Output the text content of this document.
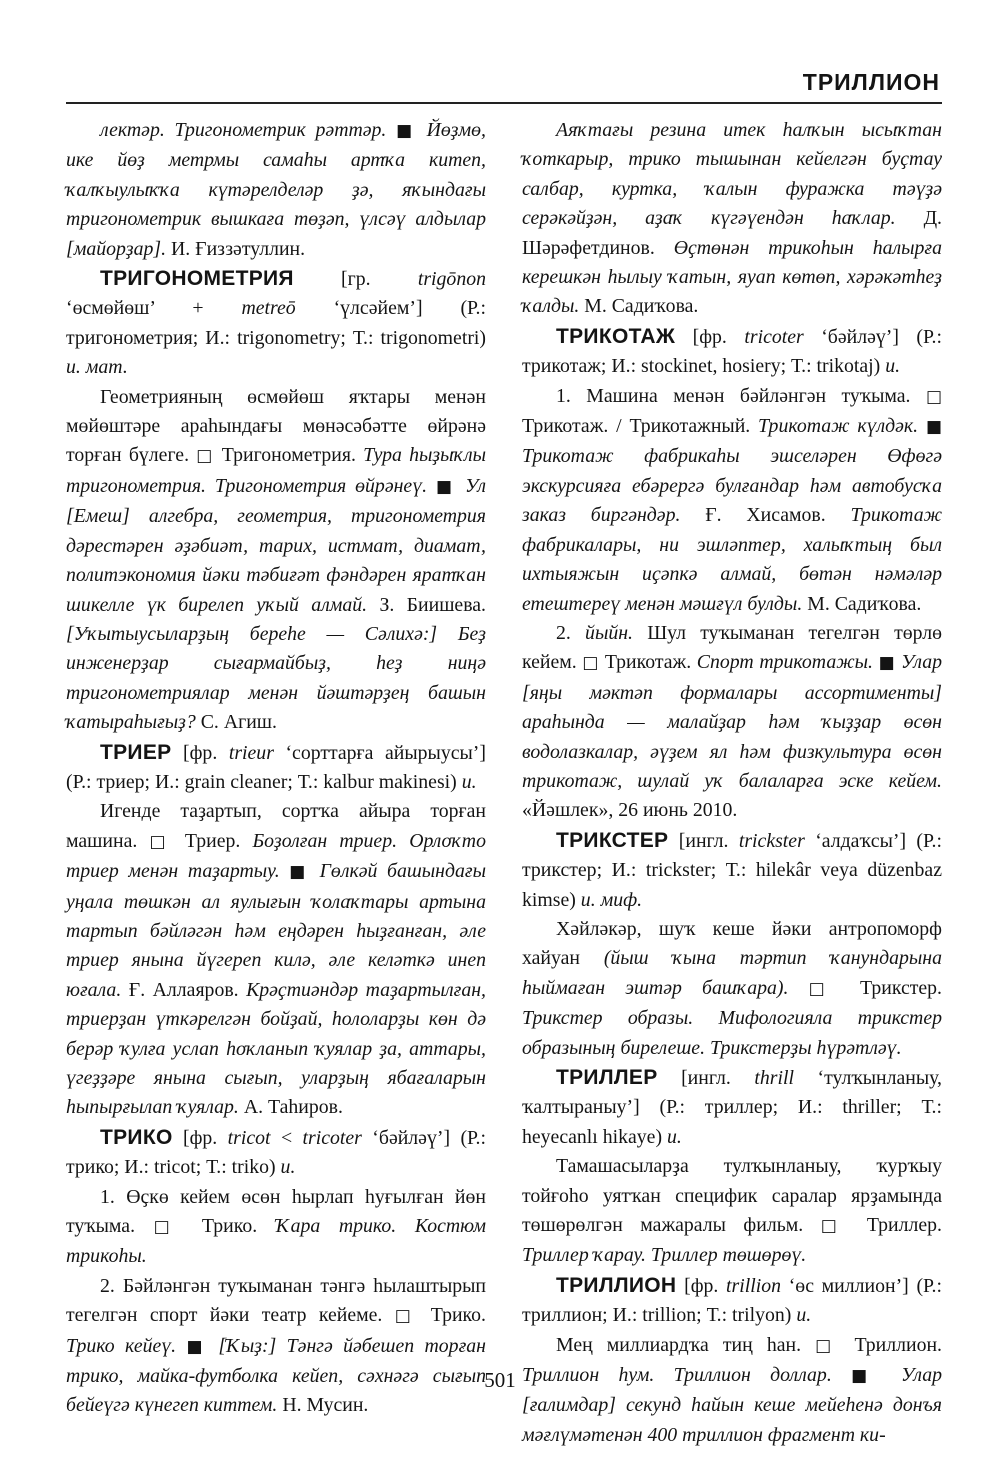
ТРИЛЛИОН

лектәр. Тригонометрик рәттәр. ■ Йөҙмө, ике йөҙ метрмы самаһы артҡа китеп, ҡалҡыулыҡҡа күтәрелделәр ҙә, яҡындағы тригонометрик вышкаға төҙәп, үлсәү алдылар [майорҙар]. И. Ғиззәтуллин.

ТРИГОНОМЕТРИЯ [гр. trigōnon ‘өсмөйөш’ + metreō ‘үлсәйем’] (Р.: тригонометрия; И.: trigonometry; Т.: trigonometri) и. мат.

Геометрияның өсмөйөш яҡтары менән мөйөштәре араһындағы мөнәсәбәтте өйрәнә торған бүлеге. □ Тригонометрия. Тура һыҙыҡлы тригонометрия. Тригонометрия өйрәнеү. ■ Ул [Емеш] алгебра, геометрия, тригонометрия дәрестәрен әҙәбиәт, тарих, истмат, диамат, политэкономия йәки тәбиғәт фәндәрен яратҡан шикелле үк бирелеп уҡый алмай. З. Биишева. [Уҡытыусыларҙың береһе — Сәлихә:] Беҙ инженерҙар сығармайбыҙ, һеҙ ниңә тригонометриялар менән йәштәрҙең башын ҡатыраһығыҙ? С. Агиш.

ТРИЕР [фр. trieur ‘сорттарға айырыусы’] (Р.: триер; И.: grain cleaner; Т.: kalbur makinesi) и.

Игенде таҙартып, сортҡа айыра торған машина. □ Триер. Боҙолған триер. Орлоҡто триер менән таҙартыу. ■ Гөлкәй башындағы уңала төшкән ал яулығын ҡолаҡтары артына тартып бәйләгән һәм еңдәрен һыҙғанған, әле триер янына йүгереп килә, әле келәткә инеп юғала. Ғ. Аллаяров. Крәҫтиәндәр таҙартылған, триерҙан үткәрелгән бойҙай, һололарҙы көн дә берәр ҡулға услап һоҡланып ҡуялар ҙа, аттары, үгеҙҙәре янына сығып, уларҙың ябағаларын һыпырғылап ҡуялар. А. Таһиров.

ТРИКО [фр. tricot < tricoter ‘бәйләү’] (Р.: трико; И.: tricot; Т.: triko) и.

1. Өҫкө кейем өсөн һырлап һуғылған йөн туҡыма. □ Трико. Ҡара трико. Костюм трикоһы.

2. Бәйләнгән туҡыманан тәнгә һылаштырып тегелгән спорт йәки театр кейеме. □ Трико. Трико кейеү. ■ [Ҡыҙ:] Тәнгә йәбешеп торған трико, майка-футболка кейеп, сәхнәгә сығып бейеүгә күнегеп киттем. Н. Мусин.

Аяҡтағы резина итек һалҡын ысыҡтан ҡоткарыр, трико тышынан кейелгән буҫтау салбар, куртка, ҡалын фуражка тәүҙә серәкәйҙән, аҙаҡ күгәүендән һаҡлар. Д. Шәрәфетдинов. Өҫтөнән трикоһын һалырға керешкән һылыу ҡатын, яуап көтөп, хәрәкәтһеҙ ҡалды. М. Садиҡова.

ТРИКОТАЖ [фр. tricoter ‘бәйләү’] (Р.: трикотаж; И.: stockinet, hosiery; Т.: trikotaj) и.

1. Машина менән бәйләнгән туҡыма. □ Трикотаж. / Трикотажный. Трикотаж күлдәк. ■ Трикотаж фабрикаһы эшселәрен Өфөгә экскурсияға ебәрергә булғандар һәм автобусҡа заказ биргәндәр. Ғ. Хисамов. Трикотаж фабрикалары, ни эшләптер, халыҡтың был ихтыяжын иҫәпкә алмай, бөтән нәмәләр етештереү менән мәшғүл булды. М. Садиҡова.

2. йыйн. Шул туҡыманан тегелгән төрлө кейем. □ Трикотаж. Спорт трикотажы. ■ Улар [яңы мәктәп формалары ассортименты] араһында — малайҙар һәм ҡыҙҙар өсөн водолазкалар, әүҙем ял һәм физкультура өсөн трикотаж, шулай уҡ балаларға эске кейем. «Йәшлек», 26 июнь 2010.

ТРИКСТЕР [ингл. trickster ‘алдаҡсы’] (Р.: трикстер; И.: trickster; Т.: hilekâr veya düzenbaz kimse) и. миф.

Хәйләкәр, шуҡ кеше йәки антропоморф хайуан (йыш ҡына тәртип ҡанундарына һыймаған эштәр башҡара). □ Трикстер. Трикстер образы. Мифологияла трикстер образының бирелеше. Трикстерҙы һүрәтләү.

ТРИЛЛЕР [ингл. thrill ‘тулҡынланыу, ҡалтыраныу’] (Р.: триллер; И.: thriller; Т.: heyecanlı hikaye) и.

Тамашасыларҙа тулҡынланыу, ҡурҡыу тойғоһо уятҡан специфик саралар ярҙамында төшөрөлгән мажаралы фильм. □ Триллер. Триллер ҡарау. Триллер төшөрөү.

ТРИЛЛИОН [фр. trillion ‘өс миллион’] (Р.: триллион; И.: trillion; Т.: trilyon) и.

Мең миллиардҡа тиң һан. □ Триллион. Триллион һум. Триллион доллар. ■ Улар [ғалимдар] секунд һайын кеше мейеһенә донъя мәғлүмәтенән 400 триллион фрагмент ки-

501
